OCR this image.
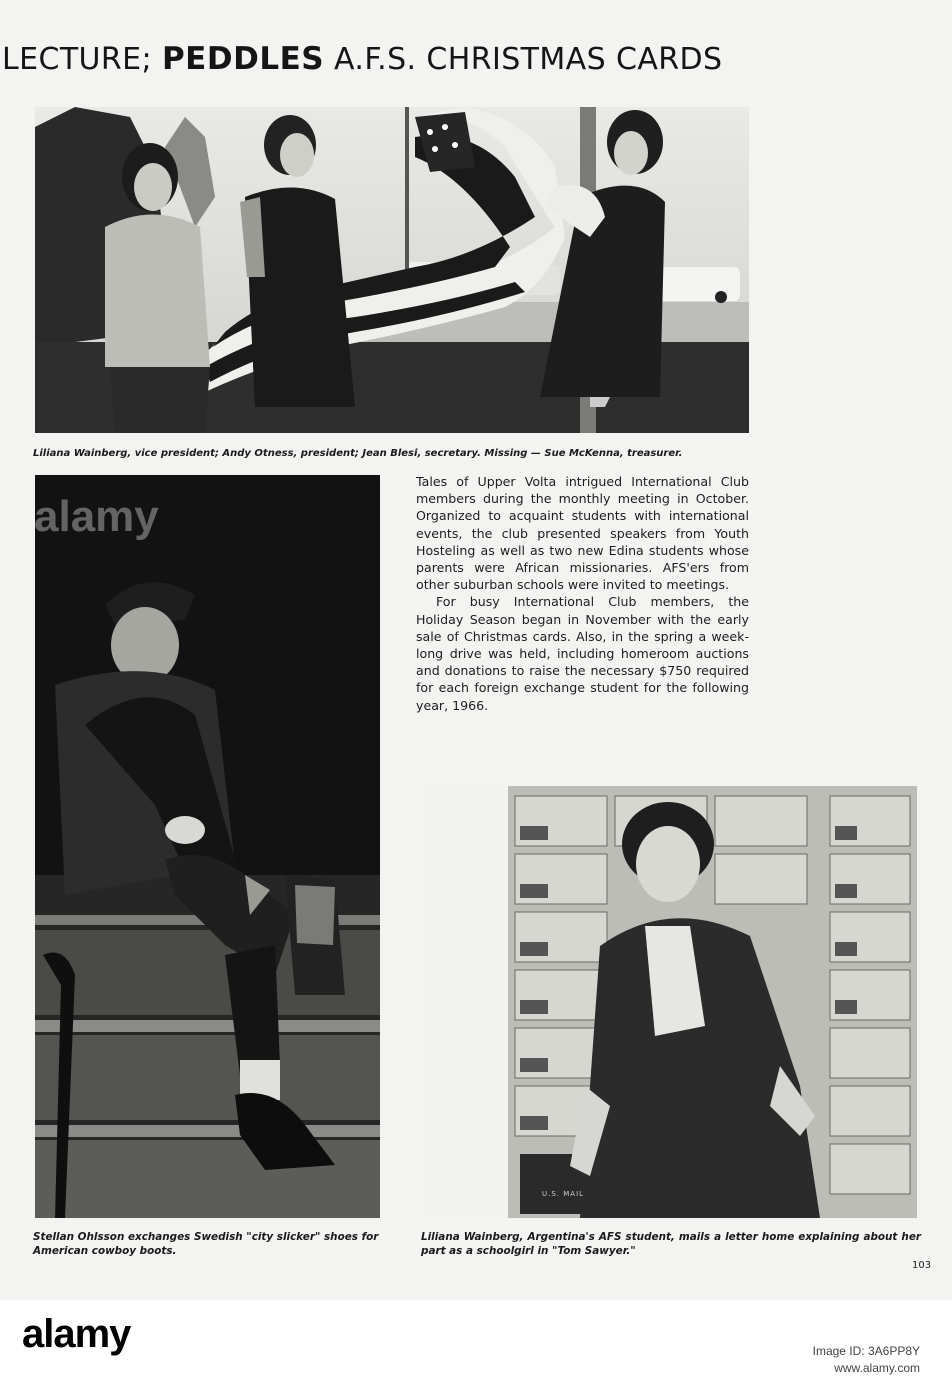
LECTURE; PEDDLES A.F.S. CHRISTMAS CARDS
Liliana Wainberg, vice president; Andy Otness, president; Jean Blesi, secretary. Missing — Sue McKenna, treasurer.

Tales of Upper Volta intrigued International Club members during the monthly meeting in October. Organized to acquaint students with international events, the club presented speakers from Youth Hosteling as well as two new Edina students whose parents were African missionaries. AFS'ers from other suburban schools were invited to meetings.

For busy International Club members, the Holiday Season began in November with the early sale of Christmas cards. Also, in the spring a week-long drive was held, including homeroom auctions and donations to raise the necessary $750 required for each foreign exchange student for the following year, 1966.

U.S. MAIL
Stellan Ohlsson exchanges Swedish "city slicker" shoes for American cowboy boots.
Liliana Wainberg, Argentina's AFS student, mails a letter home explaining about her part as a schoolgirl in "Tom Sawyer."
103
alamy
alamy	Image ID: 3A6PP8Y
www.alamy.com
